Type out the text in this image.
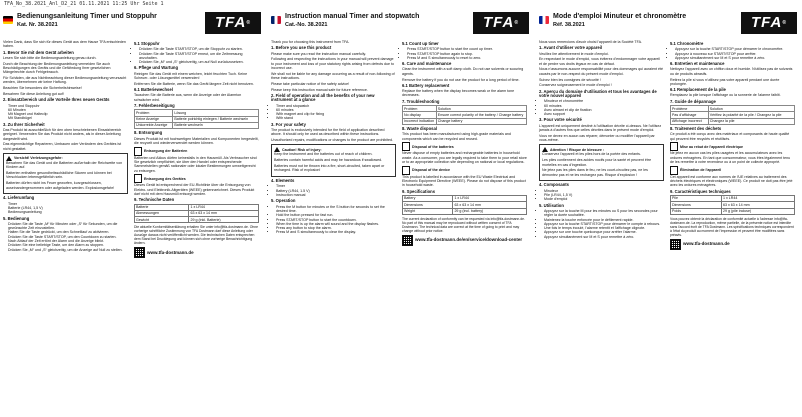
TFA_No_38.2021_Anl_D2_21 01.11.2021 11:25 Uhr Seite 1
Bedienungsanleitung Timer und Stoppuhr
Kat. Nr. 38.2021	TFA®

Vielen Dank, dass Sie sich für dieses Gerät aus dem Hause TFA entschieden haben.

1. Bevor Sie mit dem Gerät arbeiten

Lesen Sie sich bitte die Bedienungsanleitung genau durch.

Durch die Beachtung der Bedienungsanleitung vermeiden Sie auch Beschädigungen des Geräts und die Gefährdung Ihrer gesetzlichen Mängelrechte durch Fehlgebrauch.

Für Schäden, die aus Nichtbeachtung dieser Bedienungsanleitung verursacht werden, übernehmen wir keine Haftung.

Beachten Sie besonders die Sicherheitshinweise!

Bewahren Sie diese Anleitung gut auf!

2. Einsatzbereich und alle Vorteile Ihres neuen Geräts
• Timer und Stoppuhr
• 60 Minuten
• Mit Magnet und Halteclip
• Mit Standbügel
3. Zu Ihrer Sicherheit

Das Produkt ist ausschließlich für den oben beschriebenen Einsatzbereich geeignet. Verwenden Sie das Produkt nicht anders, als in dieser Anleitung dargestellt wird.

Das eigenmächtige Reparieren, Umbauen oder Verändern des Gerätes ist nicht gestattet.

Vorsicht! Verletzungsgefahr:

Bewahren Sie das Gerät und die Batterien außerhalb der Reichweite von Kindern auf.

Batterien enthalten gesundheitsschädliche Säuren und können bei Verschlucken lebensgefährlich sein.

Batterien dürfen nicht ins Feuer geworfen, kurzgeschlossen, auseinandergenommen oder aufgeladen werden. Explosionsgefahr!

4. Lieferumfang
• Timer
• Batterie (LR44, 1,5 V)
• Bedienungsanleitung
5. Bedienung
• Drücken Sie die Taste „M“ für Minuten oder „S“ für Sekunden, um die gewünschte Zeit einzustellen.
• Halten Sie die Taste gedrückt, um den Schnelllauf zu aktivieren.
• Drücken Sie die Taste START/STOP, um den Countdown zu starten.
• Nach Ablauf der Zeit ertönt der Alarm und die Anzeige blinkt.
• Drücken Sie eine beliebige Taste, um den Alarm zu stoppen.
• Drücken Sie „M“ und „S“ gleichzeitig, um die Anzeige auf Null zu stellen.
5.1 Stoppuhr
• Drücken Sie die Taste START/STOP, um die Stoppuhr zu starten.
• Drücken Sie die Taste START/STOP erneut, um die Zeitmessung anzuhalten.
• Drücken Sie „M“ und „S“ gleichzeitig, um auf Null zurückzusetzen.
6. Pflege und Wartung

Reinigen Sie das Gerät mit einem weichen, leicht feuchten Tuch. Keine Scheuer- oder Lösungsmittel verwenden!

Entfernen Sie die Batterie, wenn Sie das Gerät längere Zeit nicht benutzen.

6.1 Batteriewechsel

Tauschen Sie die Batterie aus, wenn die Anzeige oder der Alarmton schwächer wird.

7. Fehlerbeseitigung
Problem	Lösung
Keine Anzeige	Batterie polrichtig einlegen / Batterie wechseln
Unkorrekte Anzeige	Batterie wechseln
8. Entsorgung

Dieses Produkt ist mit hochwertigen Materialien und Komponenten hergestellt, die recycelt und wiederverwendet werden können.

Entsorgung der Batterien

Batterien und Akkus dürfen keinesfalls in den Hausmüll. Als Verbraucher sind Sie gesetzlich verpflichtet, sie über den Handel oder entsprechende Sammelstellen gemäß nationaler oder lokaler Bestimmungen umweltgerecht zu entsorgen.

Entsorgung des Gerätes

Dieses Gerät ist entsprechend der EU-Richtlinie über die Entsorgung von Elektro- und Elektronik-Altgeräten (WEEE) gekennzeichnet. Dieses Produkt darf nicht mit dem Hausmüll entsorgt werden.

9. Technische Daten
Batterie	1 x LR44
Abmessungen	63 x 63 x 14 mm
Gewicht	29 g (inkl. Batterie)

Die aktuelle Konformitätserklärung erhalten Sie unter info@tfa-dostmann.de. Ohne vorherige schriftliche Zustimmung von TFA Dostmann darf diese Anleitung oder Auszüge daraus nicht veröffentlicht werden. Die technischen Daten entsprechen dem Stand bei Drucklegung und können sich ohne vorherige Benachrichtigung ändern.

www.tfa-dostmann.de
Instruction manual Timer and stopwatch
Cat.-No. 38.2021	TFA®

Thank you for choosing this instrument from TFA.

1. Before you use this product

Please make sure you read the instruction manual carefully.

Following and respecting the instructions in your manual will prevent damage to your instrument and loss of your statutory rights arising from defects due to incorrect use.

We shall not be liable for any damage occurring as a result of non-following of these instructions.

Please take particular notice of the safety advice!

Please keep this instruction manual safe for future reference.

2. Field of operation and all the benefits of your new instrument at a glance
• Timer and stopwatch
• 60 minutes
• With magnet and clip for fixing
• With stand
3. For your safety

The product is exclusively intended for the field of application described above. It should only be used as described within these instructions.

Unauthorized repairs, modifications or changes to the product are prohibited.

Caution! Risk of injury:

Keep the instrument and the batteries out of reach of children.

Batteries contain harmful acids and may be hazardous if swallowed.

Batteries must not be thrown into a fire, short-circuited, taken apart or recharged. Risk of explosion!

4. Elements
• Timer
• Battery (LR44, 1.5 V)
• Instruction manual
5. Operation
• Press the M button for minutes or the S button for seconds to set the desired time.
• Hold the button pressed for fast run.
• Press START/STOP button to start the countdown.
• When the time is up the alarm will sound and the display flashes.
• Press any button to stop the alarm.
• Press M and S simultaneously to clear the display.
5.1 Count up timer
• Press START/STOP button to start the count up timer.
• Press START/STOP button again to stop.
• Press M and S simultaneously to reset to zero.
6. Care and maintenance

Clean the instrument with a soft damp cloth. Do not use solvents or scouring agents.

Remove the battery if you do not use the product for a long period of time.

6.1 Battery replacement

Replace the battery when the display becomes weak or the alarm tone decreases.

7. Troubleshooting
Problem	Solution
No display	Ensure correct polarity of the battery / Change battery
Incorrect indication	Change battery
8. Waste disposal

This product has been manufactured using high-grade materials and components which can be recycled and reused.

Disposal of the batteries

Never dispose of empty batteries and rechargeable batteries in household waste. As a consumer, you are legally required to take them to your retail store or to an appropriate collection site depending on national or local regulations.

Disposal of the device

This product is labelled in accordance with the EU Waste Electrical and Electronic Equipment Directive (WEEE). Please do not dispose of this product in household waste.

9. Specifications
Battery	1 x LR44
Dimensions	63 x 63 x 14 mm
Weight	29 g (incl. battery)

The current declaration of conformity can be requested via info@tfa-dostmann.de. No part of this manual may be reproduced without written consent of TFA Dostmann. The technical data are correct at the time of going to print and may change without prior notice.

www.tfa-dostmann.de/en/service/download-center
Mode d'emploi Minuteur et chronomètre
Réf. 38.2021	TFA®

Nous vous remercions d'avoir choisi l'appareil de la Société TFA.

1. Avant d'utiliser votre appareil

Veuillez lire attentivement le mode d'emploi.

En respectant le mode d'emploi, vous éviterez d'endommager votre appareil et de perdre vos droits légaux en cas de défaut.

Nous n'assumons aucune responsabilité pour des dommages qui auraient été causés par le non-respect du présent mode d'emploi.

Suivez bien les consignes de sécurité !

Conservez soigneusement le mode d'emploi !

2. Aperçu du domaine d'utilisation et tous les avantages de votre nouvel appareil
• Minuteur et chronomètre
• 60 minutes
• Avec aimant et clip de fixation
• Avec support
3. Pour votre sécurité

L'appareil est uniquement destiné à l'utilisation décrite ci-dessus. Ne l'utilisez jamais à d'autres fins que celles décrites dans le présent mode d'emploi.

Vous ne devez en aucun cas réparer, démonter ou modifier l'appareil par vous-même.

Attention ! Risque de blessure :

Conservez l'appareil et les piles hors de la portée des enfants.

Les piles contiennent des acides nocifs pour la santé et peuvent être mortelles en cas d'ingestion.

Ne jetez pas les piles dans le feu, ne les court-circuitez pas, ne les démontez pas et ne les rechargez pas. Risque d'explosion !

4. Composants
• Minuteur
• Pile (LR44, 1,5 V)
• Mode d'emploi
5. Utilisation
• Appuyez sur la touche M pour les minutes ou S pour les secondes pour régler la durée souhaitée.
• Maintenez la touche enfoncée pour le défilement rapide.
• Appuyez sur la touche START/STOP pour démarrer le compte à rebours.
• Une fois le temps écoulé, l'alarme retentit et l'affichage clignote.
• Appuyez sur une touche quelconque pour arrêter l'alarme.
• Appuyez simultanément sur M et S pour remettre à zéro.
5.1 Chronomètre
• Appuyez sur la touche START/STOP pour démarrer le chronomètre.
• Appuyez à nouveau sur START/STOP pour arrêter.
• Appuyez simultanément sur M et S pour remettre à zéro.
6. Entretien et maintenance

Nettoyez l'appareil avec un chiffon doux et humide. N'utilisez pas de solvants ou de produits abrasifs.

Retirez la pile si vous n'utilisez pas votre appareil pendant une durée prolongée.

6.1 Remplacement de la pile

Remplacez la pile lorsque l'affichage ou la sonnerie de l'alarme faiblit.

7. Guide de dépannage
Problème	Solution
Pas d'affichage	Vérifiez la polarité de la pile / Changez la pile
Affichage incorrect	Changez la pile
8. Traitement des déchets

Ce produit a été conçu avec des matériaux et composants de haute qualité qui peuvent être recyclés et réutilisés.

Mise au rebut de l'appareil électrique

Ne jetez en aucun cas les piles usagées et les accumulateurs avec les ordures ménagères. En tant que consommateur, vous êtes légalement tenu de les remettre à votre revendeur ou à un point de collecte approprié.

Élimination de l'appareil

Cet appareil est conforme aux normes de l'UE relatives au traitement des déchets électriques et électroniques (WEEE). Ce produit ne doit pas être jeté avec les ordures ménagères.

9. Caractéristiques techniques
Pile	1 x LR44
Dimensions	63 x 63 x 14 mm
Poids	29 g (pile incluse)

Vous pouvez obtenir la déclaration de conformité actuelle à l'adresse info@tfa-dostmann.de. La reproduction, même partielle, de la présente notice est interdite sans l'accord écrit de TFA Dostmann. Les spécifications techniques correspondent à l'état du produit au moment de l'impression et peuvent être modifiées sans préavis.

www.tfa-dostmann.de
